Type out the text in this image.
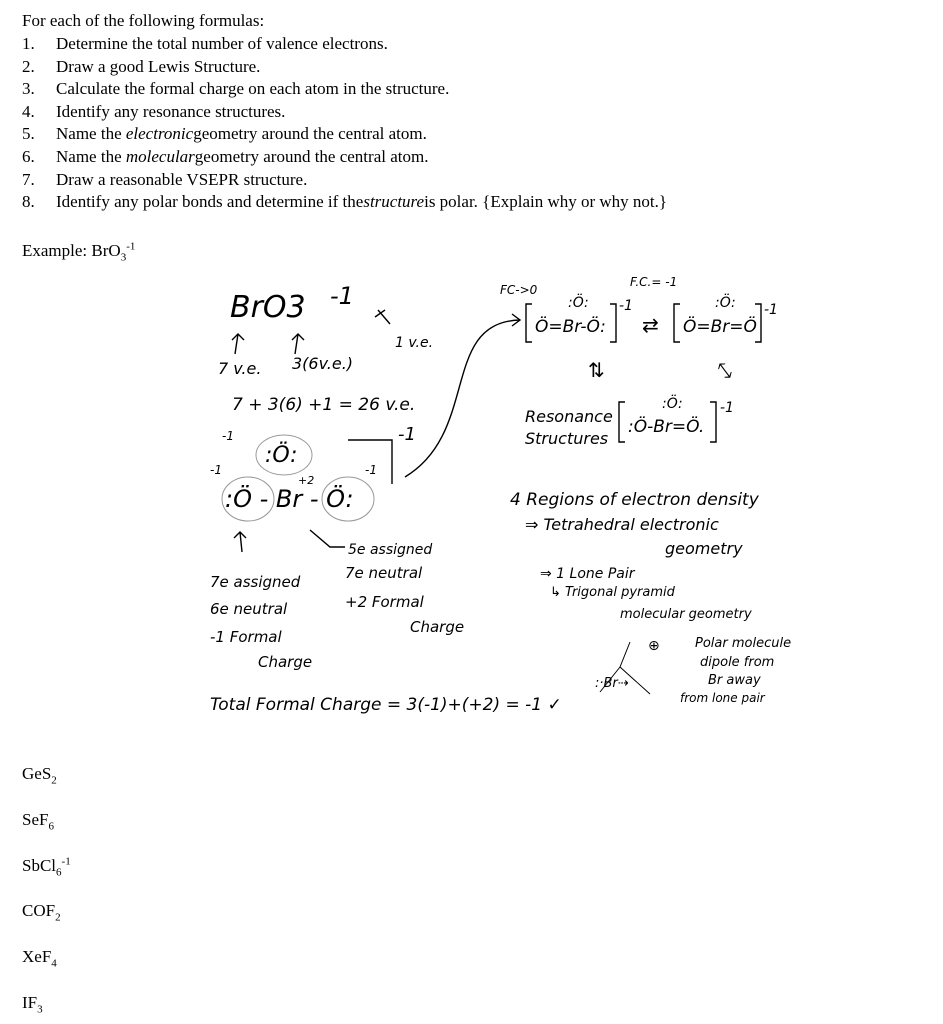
For each of the following formulas:
1.	Determine the total number of valence electrons.
2.	Draw a good Lewis Structure.
3.	Calculate the formal charge on each atom in the structure.
4.	Identify any resonance structures.
5.	Name the
electronic geometry around the central atom.
6.	Name the
molecular geometry around the central atom.
7.	Draw a reasonable VSEPR structure.
8.	Identify any polar bonds and determine if the structure is polar. {Explain why or why not.}
Example: BrO$_3^{-1}$
BrO3 -1
1 v.e.
7 v.e. 3(6v.e.)
7 + 3(6) +1 = 26 v.e.
-1
:Ö:
+2
-1	-1
:Ö - Br - Ö:
-1
5e assigned
7e assigned	7e neutral
6e neutral	+2 Formal
Charge
-1 Formal
Charge
Total Formal Charge = 3(-1)+(+2) = -1 ✓
FC->0
F.C.= -1
Ö=Br-Ö:
:Ö: -1
⇄ Ö=Br=Ö
:Ö: -1
⇅	⤡
Resonance
Structures
:Ö-Br=Ö.
:Ö:	-1
4 Regions of electron density
⇒ Tetrahedral electronic
geometry
⇒ 1 Lone Pair
↳ Trigonal pyramid
molecular geometry
:·Br⇢
⊕	Polar molecule
dipole from
Br away
from lone pair
GeS$_2$
SeF$_6$
SbCl$_6^{-1}$
$COF_2$
XeF$_4$
$IF_3$
